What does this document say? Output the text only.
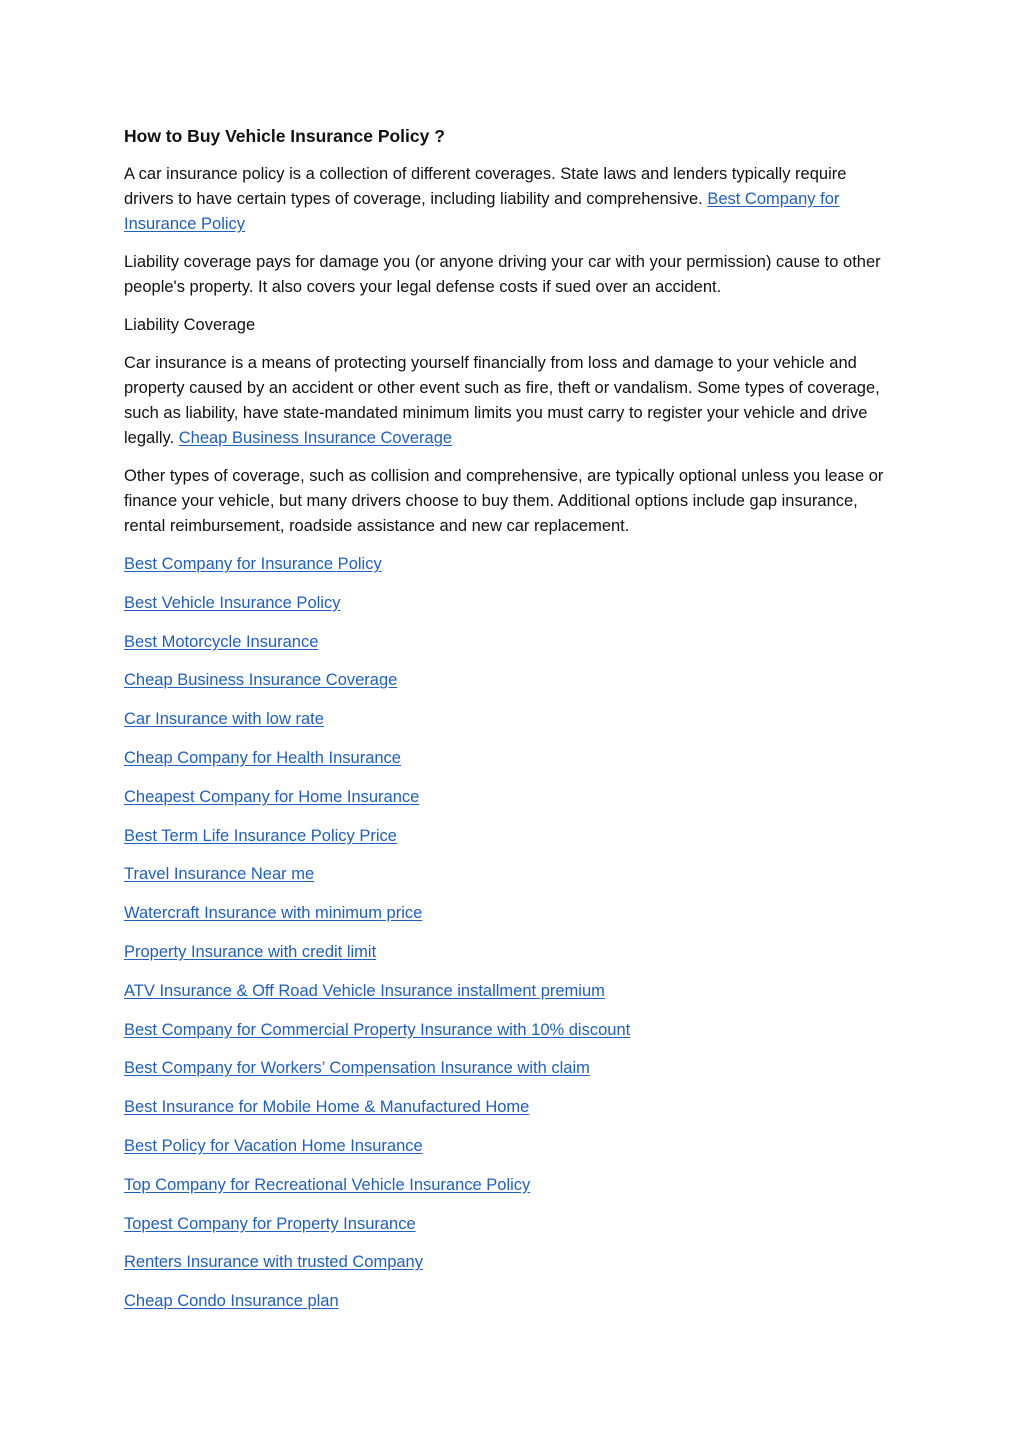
How to Buy Vehicle Insurance Policy ?

A car insurance policy is a collection of different coverages. State laws and lenders typically require drivers to have certain types of coverage, including liability and comprehensive. Best Company for Insurance Policy

Liability coverage pays for damage you (or anyone driving your car with your permission) cause to other people's property. It also covers your legal defense costs if sued over an accident.

Liability Coverage

Car insurance is a means of protecting yourself financially from loss and damage to your vehicle and property caused by an accident or other event such as fire, theft or vandalism. Some types of coverage, such as liability, have state-mandated minimum limits you must carry to register your vehicle and drive legally. Cheap Business Insurance Coverage

Other types of coverage, such as collision and comprehensive, are typically optional unless you lease or finance your vehicle, but many drivers choose to buy them. Additional options include gap insurance, rental reimbursement, roadside assistance and new car replacement.

Best Company for Insurance Policy
Best Vehicle Insurance Policy
Best Motorcycle Insurance
Cheap Business Insurance Coverage
Car Insurance with low rate
Cheap Company for Health Insurance
Cheapest Company for Home Insurance
Best Term Life Insurance Policy Price
Travel Insurance Near me
Watercraft Insurance with minimum price
Property Insurance with credit limit
ATV Insurance & Off Road Vehicle Insurance installment premium
Best Company for Commercial Property Insurance with 10% discount
Best Company for Workers’ Compensation Insurance with claim
Best Insurance for Mobile Home & Manufactured Home
Best Policy for Vacation Home Insurance
Top Company for Recreational Vehicle Insurance Policy
Topest Company for Property Insurance
Renters Insurance with trusted Company
Cheap Condo Insurance plan
